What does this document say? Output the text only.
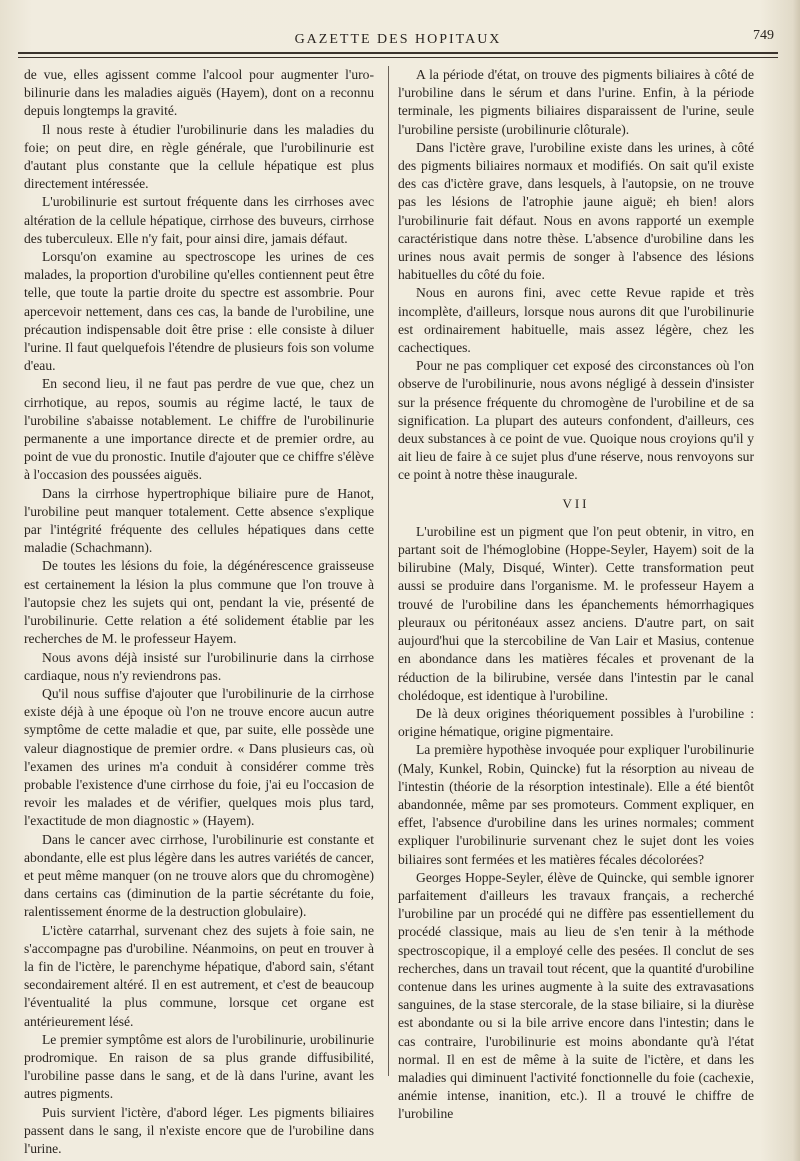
GAZETTE DES HOPITAUX	749

de vue, elles agissent comme l'alcool pour augmenter l'uro-bilinurie dans les maladies aiguës (Hayem), dont on a reconnu depuis longtemps la gravité.

Il nous reste à étudier l'urobilinurie dans les maladies du foie; on peut dire, en règle générale, que l'urobilinurie est d'autant plus constante que la cellule hépatique est plus directement intéressée.

L'urobilinurie est surtout fréquente dans les cirrhoses avec altération de la cellule hépatique, cirrhose des buveurs, cirrhose des tuberculeux. Elle n'y fait, pour ainsi dire, jamais défaut.

Lorsqu'on examine au spectroscope les urines de ces malades, la proportion d'urobiline qu'elles contiennent peut être telle, que toute la partie droite du spectre est assombrie. Pour apercevoir nettement, dans ces cas, la bande de l'urobiline, une précaution indispensable doit être prise : elle consiste à diluer l'urine. Il faut quelquefois l'étendre de plusieurs fois son volume d'eau.

En second lieu, il ne faut pas perdre de vue que, chez un cirrhotique, au repos, soumis au régime lacté, le taux de l'urobiline s'abaisse notablement. Le chiffre de l'urobilinurie permanente a une importance directe et de premier ordre, au point de vue du pronostic. Inutile d'ajouter que ce chiffre s'élève à l'occasion des poussées aiguës.

Dans la cirrhose hypertrophique biliaire pure de Hanot, l'urobiline peut manquer totalement. Cette absence s'explique par l'intégrité fréquente des cellules hépatiques dans cette maladie (Schachmann).

De toutes les lésions du foie, la dégénérescence graisseuse est certainement la lésion la plus commune que l'on trouve à l'autopsie chez les sujets qui ont, pendant la vie, présenté de l'urobilinurie. Cette relation a été solidement établie par les recherches de M. le professeur Hayem.

Nous avons déjà insisté sur l'urobilinurie dans la cirrhose cardiaque, nous n'y reviendrons pas.

Qu'il nous suffise d'ajouter que l'urobilinurie de la cirrhose existe déjà à une époque où l'on ne trouve encore aucun autre symptôme de cette maladie et que, par suite, elle possède une valeur diagnostique de premier ordre. « Dans plusieurs cas, où l'examen des urines m'a conduit à considérer comme très probable l'existence d'une cirrhose du foie, j'ai eu l'occasion de revoir les malades et de vérifier, quelques mois plus tard, l'exactitude de mon diagnostic » (Hayem).

Dans le cancer avec cirrhose, l'urobilinurie est constante et abondante, elle est plus légère dans les autres variétés de cancer, et peut même manquer (on ne trouve alors que du chromogène) dans certains cas (diminution de la partie sécrétante du foie, ralentissement énorme de la destruction globulaire).

L'ictère catarrhal, survenant chez des sujets à foie sain, ne s'accompagne pas d'urobiline. Néanmoins, on peut en trouver à la fin de l'ictère, le parenchyme hépatique, d'abord sain, s'étant secondairement altéré. Il en est autrement, et c'est de beaucoup l'éventualité la plus commune, lorsque cet organe est antérieurement lésé.

Le premier symptôme est alors de l'urobilinurie, urobilinurie prodromique. En raison de sa plus grande diffusibilité, l'urobiline passe dans le sang, et de là dans l'urine, avant les autres pigments.

Puis survient l'ictère, d'abord léger. Les pigments biliaires passent dans le sang, il n'existe encore que de l'urobiline dans l'urine.

A la période d'état, on trouve des pigments biliaires à côté de l'urobiline dans le sérum et dans l'urine. Enfin, à la période terminale, les pigments biliaires disparaissent de l'urine, seule l'urobiline persiste (urobilinurie clôturale).

Dans l'ictère grave, l'urobiline existe dans les urines, à côté des pigments biliaires normaux et modifiés. On sait qu'il existe des cas d'ictère grave, dans lesquels, à l'autopsie, on ne trouve pas les lésions de l'atrophie jaune aiguë; eh bien! alors l'urobilinurie fait défaut. Nous en avons rapporté un exemple caractéristique dans notre thèse. L'absence d'urobiline dans les urines nous avait permis de songer à l'absence des lésions habituelles du côté du foie.

Nous en aurons fini, avec cette Revue rapide et très incomplète, d'ailleurs, lorsque nous aurons dit que l'urobilinurie est ordinairement habituelle, mais assez légère, chez les cachectiques.

Pour ne pas compliquer cet exposé des circonstances où l'on observe de l'urobilinurie, nous avons négligé à dessein d'insister sur la présence fréquente du chromogène de l'urobiline et de sa signification. La plupart des auteurs confondent, d'ailleurs, ces deux substances à ce point de vue. Quoique nous croyions qu'il y ait lieu de faire à ce sujet plus d'une réserve, nous renvoyons sur ce point à notre thèse inaugurale.

VII

L'urobiline est un pigment que l'on peut obtenir, in vitro, en partant soit de l'hémoglobine (Hoppe-Seyler, Hayem) soit de la bilirubine (Maly, Disqué, Winter). Cette transformation peut aussi se produire dans l'organisme. M. le professeur Hayem a trouvé de l'urobiline dans les épanchements hémorrhagiques pleuraux ou péritonéaux assez anciens. D'autre part, on sait aujourd'hui que la stercobiline de Van Lair et Masius, contenue en abondance dans les matières fécales et provenant de la réduction de la bilirubine, versée dans l'intestin par le canal cholédoque, est identique à l'urobiline.

De là deux origines théoriquement possibles à l'urobiline : origine hématique, origine pigmentaire.

La première hypothèse invoquée pour expliquer l'urobilinurie (Maly, Kunkel, Robin, Quincke) fut la résorption au niveau de l'intestin (théorie de la résorption intestinale). Elle a été bientôt abandonnée, même par ses promoteurs. Comment expliquer, en effet, l'absence d'urobiline dans les urines normales; comment expliquer l'urobilinurie survenant chez le sujet dont les voies biliaires sont fermées et les matières fécales décolorées?

Georges Hoppe-Seyler, élève de Quincke, qui semble ignorer parfaitement d'ailleurs les travaux français, a recherché l'urobiline par un procédé qui ne diffère pas essentiellement du procédé classique, mais au lieu de s'en tenir à la méthode spectroscopique, il a employé celle des pesées. Il conclut de ses recherches, dans un travail tout récent, que la quantité d'urobiline contenue dans les urines augmente à la suite des extravasations sanguines, de la stase stercorale, de la stase biliaire, si la diurèse est abondante ou si la bile arrive encore dans l'intestin; dans le cas contraire, l'urobilinurie est moins abondante qu'à l'état normal. Il en est de même à la suite de l'ictère, et dans les maladies qui diminuent l'activité fonctionnelle du foie (cachexie, anémie intense, inanition, etc.). Il a trouvé le chiffre de l'urobiline
